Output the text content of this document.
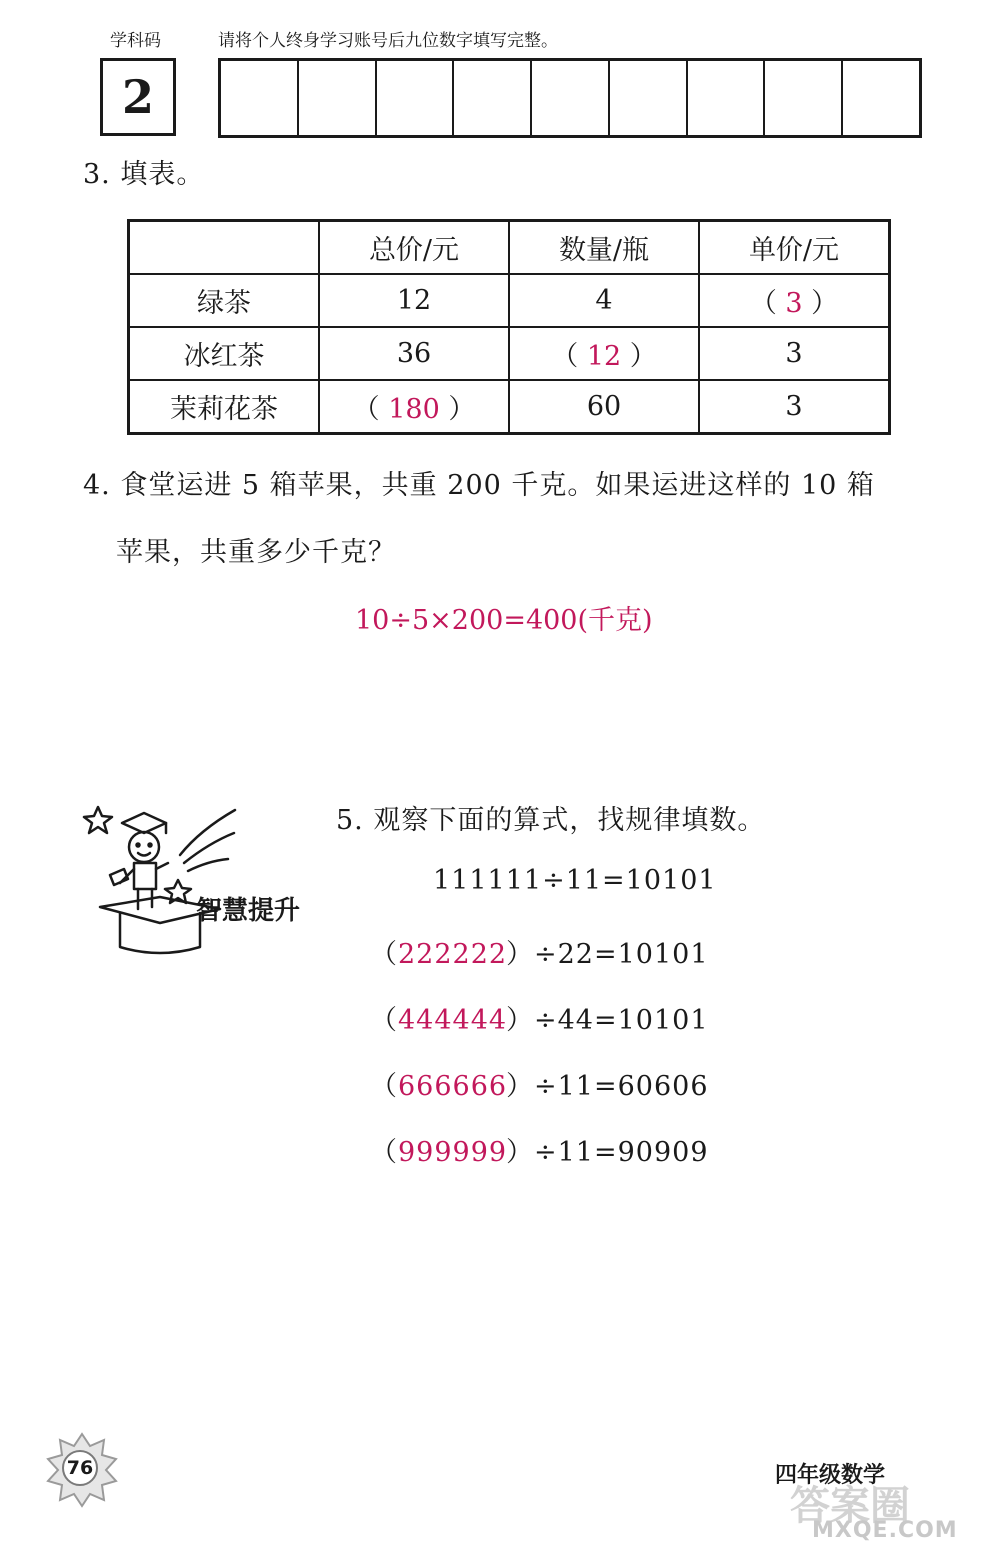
学科码	请将个人终身学习账号后九位数字填写完整。
2
3. 填表。
	总价/元	数量/瓶	单价/元
绿茶	12	4	（ 3 ）
冰红茶	36	（ 12 ）	3
茉莉花茶	（ 180 ）	60	3
4. 食堂运进 5 箱苹果，共重 200 千克。如果运进这样的 10 箱
苹果，共重多少千克？
10÷5×200=400(千克)
智慧提升
5. 观察下面的算式，找规律填数。
111111÷11=10101
（222222）÷22=10101
（444444）÷44=10101
（666666）÷11=60606
（999999）÷11=90909
76	四年级数学
答案圈
MXQE.COM
